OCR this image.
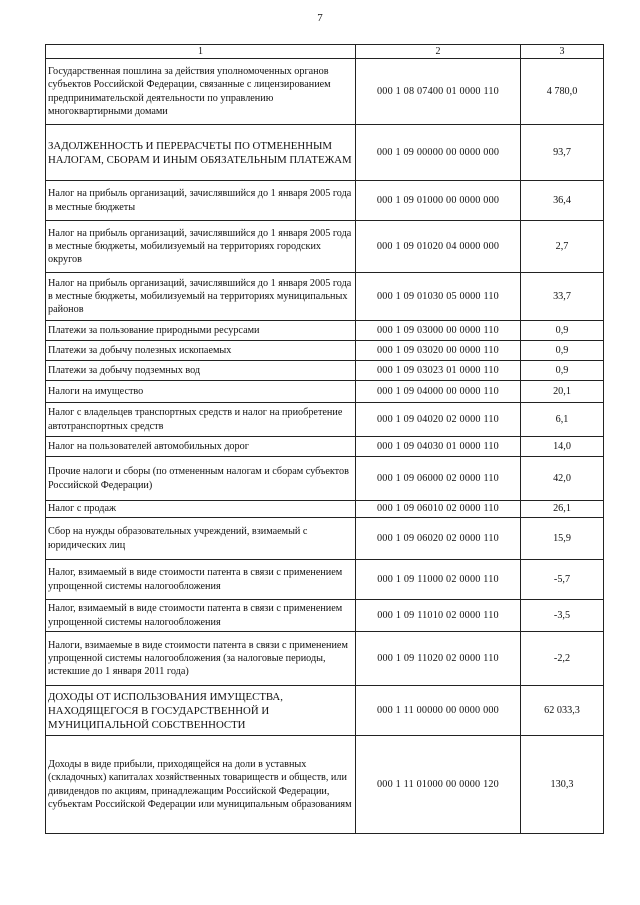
7
1	2	3
Государственная пошлина за действия уполномоченных органов субъектов Российской Федерации, связанные с лицензированием предпринимательской деятельности по управлению многоквартирными домами	000 1 08 07400 01 0000 110	4 780,0
ЗАДОЛЖЕННОСТЬ И ПЕРЕРАСЧЕТЫ ПО ОТМЕНЕННЫМ НАЛОГАМ, СБОРАМ И ИНЫМ ОБЯЗАТЕЛЬНЫМ ПЛАТЕЖАМ	000 1 09 00000 00 0000 000	93,7
Налог на прибыль организаций, зачислявшийся до 1 января 2005 года в местные бюджеты	000 1 09 01000 00 0000 000	36,4
Налог на прибыль организаций, зачислявшийся до 1 января 2005 года в местные бюджеты, мобилизуемый на территориях городских округов	000 1 09 01020 04 0000 000	2,7
Налог на прибыль организаций, зачислявшийся до 1 января 2005 года в местные бюджеты, мобилизуемый на территориях муниципальных районов	000 1 09 01030 05 0000 110	33,7
Платежи за пользование природными ресурсами	000 1 09 03000 00 0000 110	0,9
Платежи за добычу полезных ископаемых	000 1 09 03020 00 0000 110	0,9
Платежи за добычу подземных вод	000 1 09 03023 01 0000 110	0,9
Налоги на имущество	000 1 09 04000 00 0000 110	20,1
Налог с владельцев транспортных средств и налог на приобретение автотранспортных средств	000 1 09 04020 02 0000 110	6,1
Налог на пользователей автомобильных дорог	000 1 09 04030 01 0000 110	14,0
Прочие налоги и сборы (по отмененным налогам и сборам субъектов Российской Федерации)	000 1 09 06000 02 0000 110	42,0
Налог с продаж	000 1 09 06010 02 0000 110	26,1
Сбор на нужды образовательных учреждений, взимаемый с юридических лиц	000 1 09 06020 02 0000 110	15,9
Налог, взимаемый в виде стоимости патента в связи с применением упрощенной системы налогообложения	000 1 09 11000 02 0000 110	-5,7
Налог, взимаемый в виде стоимости патента в связи с применением упрощенной системы налогообложения	000 1 09 11010 02 0000 110	-3,5
Налоги, взимаемые в виде стоимости патента в связи с применением упрощенной системы налогообложения (за налоговые периоды, истекшие до 1 января 2011 года)	000 1 09 11020 02 0000 110	-2,2
ДОХОДЫ ОТ ИСПОЛЬЗОВАНИЯ ИМУЩЕСТВА, НАХОДЯЩЕГОСЯ В ГОСУДАРСТВЕННОЙ И МУНИЦИПАЛЬНОЙ СОБСТВЕННОСТИ	000 1 11 00000 00 0000 000	62 033,3
Доходы в виде прибыли, приходящейся на доли в уставных (складочных) капиталах хозяйственных товариществ и обществ, или дивидендов по акциям, принадлежащим Российской Федерации, субъектам Российской Федерации или муниципальным образованиям	000 1 11 01000 00 0000 120	130,3
